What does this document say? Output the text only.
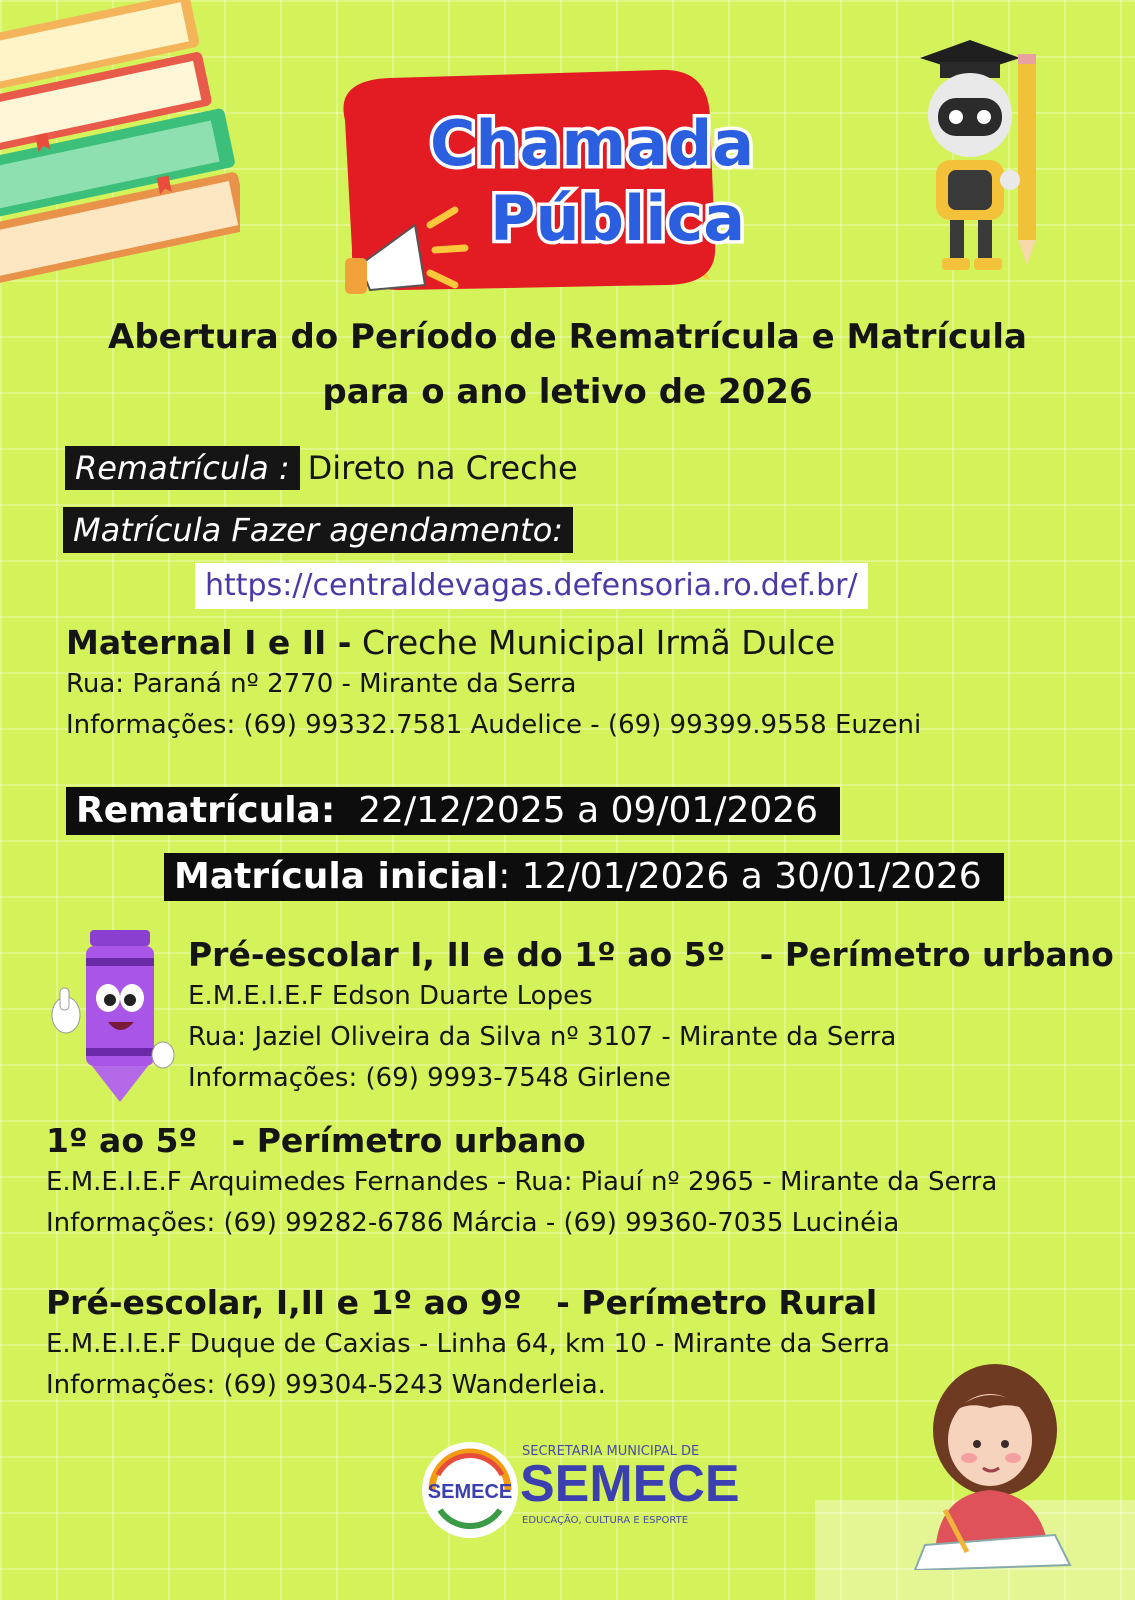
Chamada
Pública
Abertura do Período de Rematrícula e Matrícula
para o ano letivo de 2026
Rematrícula : Direto na Creche
Matrícula Fazer agendamento:
https://centraldevagas.defensoria.ro.def.br/
Maternal I e II - Creche Municipal Irmã Dulce
Rua: Paraná nº 2770 - Mirante da Serra
Informações: (69) 99332.7581 Audelice - (69) 99399.9558 Euzeni
Rematrícula:  22/12/2025 a 09/01/2026
Matrícula inicial: 12/01/2026 a 30/01/2026
Pré-escolar I, II e do 1º ao 5º   - Perímetro urbano
E.M.E.I.E.F Edson Duarte Lopes
Rua: Jaziel Oliveira da Silva nº 3107 - Mirante da Serra
Informações: (69) 9993-7548 Girlene
1º ao 5º   - Perímetro urbano
E.M.E.I.E.F Arquimedes Fernandes - Rua: Piauí nº 2965 - Mirante da Serra
Informações: (69) 99282-6786 Márcia - (69) 99360-7035 Lucinéia
Pré-escolar, I,II e 1º ao 9º   - Perímetro Rural
E.M.E.I.E.F Duque de Caxias - Linha 64, km 10 - Mirante da Serra
Informações: (69) 99304-5243 Wanderleia.
SEMECE
SECRETARIA MUNICIPAL DE
SEMECE
EDUCAÇÃO, CULTURA E ESPORTE
